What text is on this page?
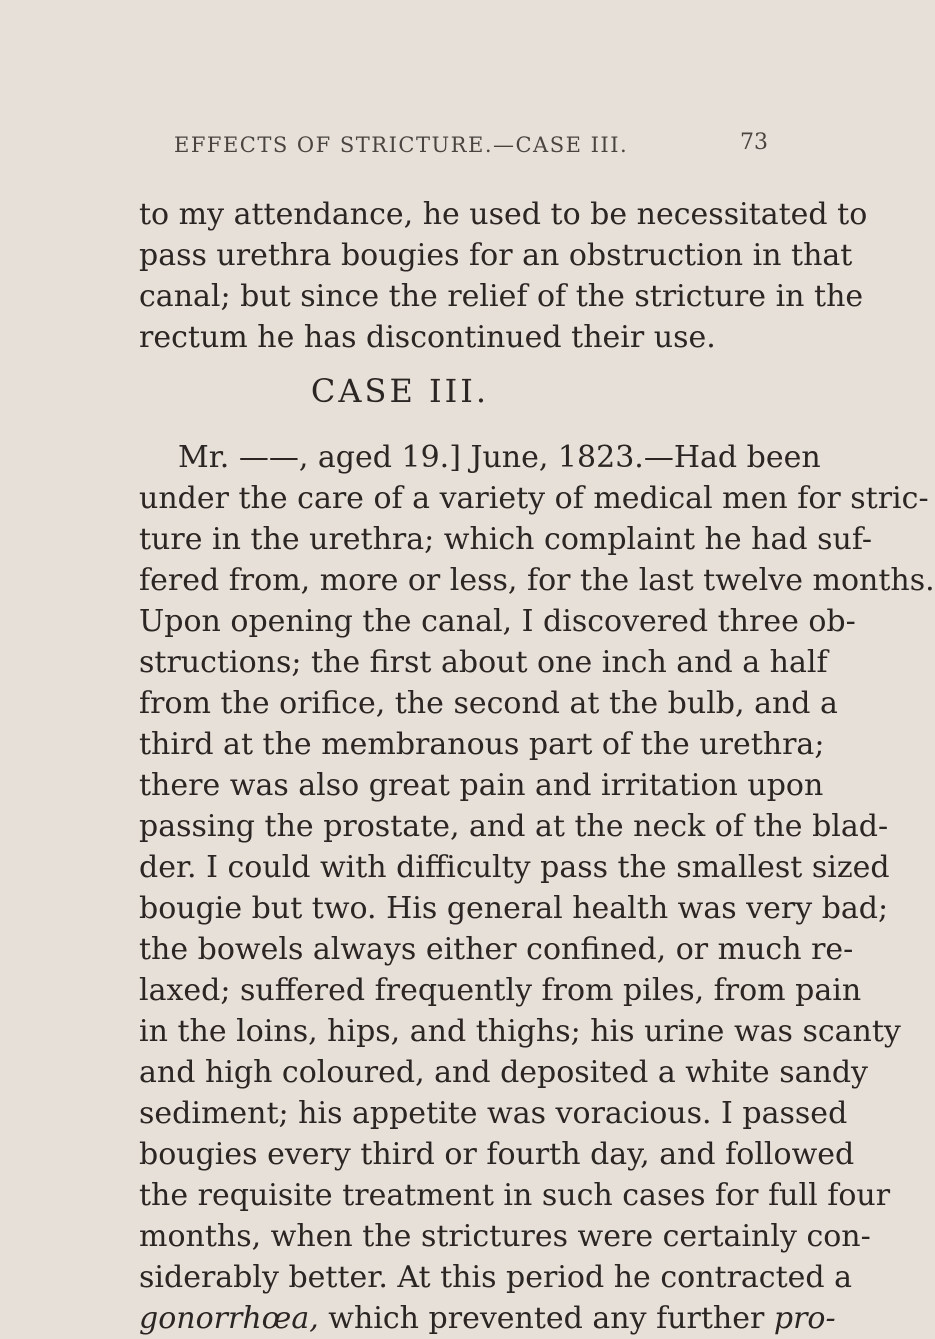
EFFECTS OF STRICTURE.—CASE III.	73
to my attendance, he used to be necessitated to
pass urethra bougies for an obstruction in that
canal; but since the relief of the stricture in the
rectum he has discontinued their use.
CASE III.
Mr. ——, aged 19.] June, 1823.—Had been
under the care of a variety of medical men for stric-
ture in the urethra; which complaint he had suf-
fered from, more or less, for the last twelve months.
Upon opening the canal, I discovered three ob-
structions; the first about one inch and a half
from the orifice, the second at the bulb, and a
third at the membranous part of the urethra;
there was also great pain and irritation upon
passing the prostate, and at the neck of the blad-
der. I could with difficulty pass the smallest sized
bougie but two. His general health was very bad;
the bowels always either confined, or much re-
laxed; suffered frequently from piles, from pain
in the loins, hips, and thighs; his urine was scanty
and high coloured, and deposited a white sandy
sediment; his appetite was voracious. I passed
bougies every third or fourth day, and followed
the requisite treatment in such cases for full four
months, when the strictures were certainly con-
siderably better. At this period he contracted a
gonorrhœa, which prevented any further pro-
